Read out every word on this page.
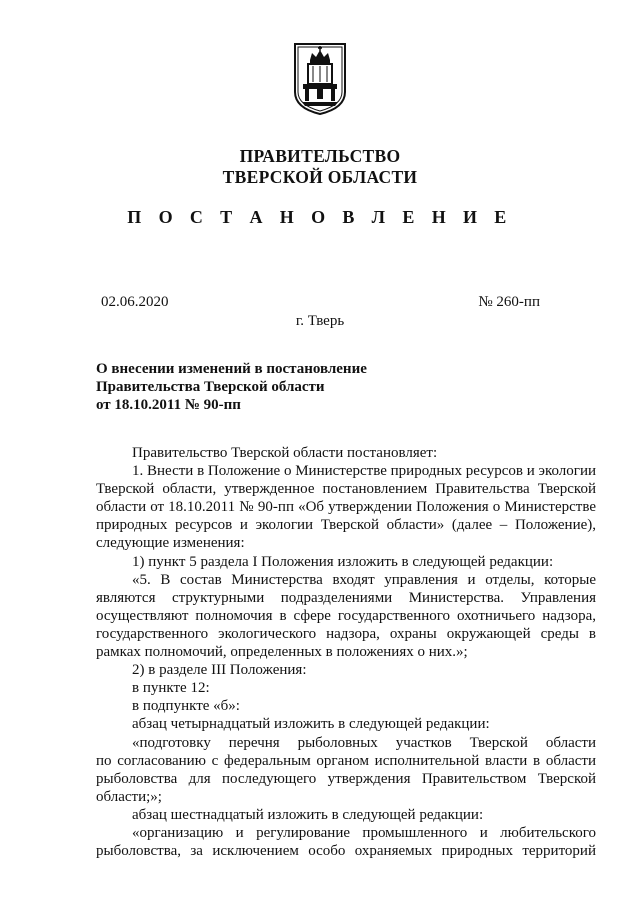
ПРАВИТЕЛЬСТВО
ТВЕРСКОЙ ОБЛАСТИ
П О С Т А Н О В Л Е Н И Е
02.06.2020	№ 260-пп
г. Тверь
О внесении изменений в постановление
Правительства Тверской области
от 18.10.2011 № 90-пп
Правительство Тверской области постановляет:
1. Внести в Положение о Министерстве природных ресурсов и экологии
Тверской области, утвержденное постановлением Правительства Тверской
области от 18.10.2011 № 90-пп «Об утверждении Положения о Министерстве
природных ресурсов и экологии Тверской области» (далее – Положение),
следующие изменения:
1) пункт 5 раздела I Положения изложить в следующей редакции:
«5. В состав Министерства входят управления и отделы, которые
являются структурными подразделениями Министерства. Управления
осуществляют полномочия в сфере государственного охотничьего надзора,
государственного экологического надзора, охраны окружающей среды в
рамках полномочий, определенных в положениях о них.»;
2) в разделе III Положения:
в пункте 12:
в подпункте «б»:
абзац четырнадцатый изложить в следующей редакции:
«подготовку перечня рыболовных участков Тверской области
по согласованию с федеральным органом исполнительной власти в области
рыболовства для последующего утверждения Правительством Тверской
области;»;
абзац шестнадцатый изложить в следующей редакции:
«организацию и регулирование промышленного и любительского
рыболовства, за исключением особо охраняемых природных территорий
